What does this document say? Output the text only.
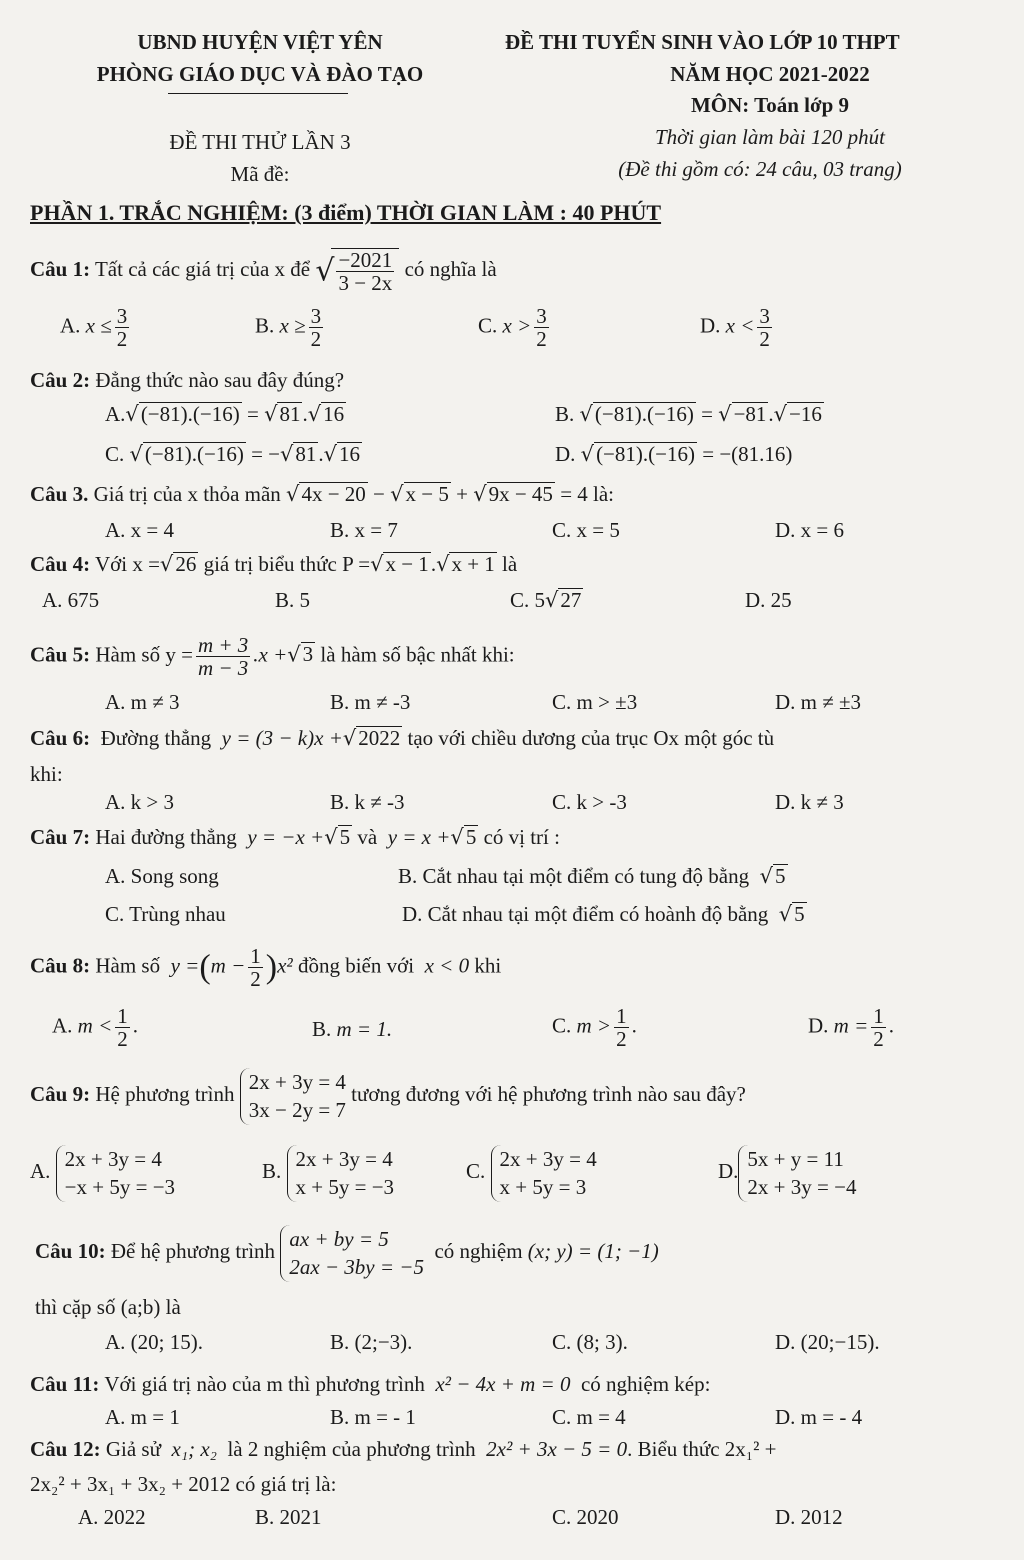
UBND HUYỆN VIỆT YÊN
PHÒNG GIÁO DỤC VÀ ĐÀO TẠO
ĐỀ THI TUYỂN SINH VÀO LỚP 10 THPT
NĂM HỌC 2021-2022
MÔN: Toán lớp 9
ĐỀ THI THỬ LẦN 3	Thời gian làm bài 120 phút
Mã đề:	(Đề thi gồm có: 24 câu, 03 trang)
PHẦN 1. TRẮC NGHIỆM: (3 điểm) THỜI GIAN LÀM : 40 PHÚT
Câu 1: Tất cả các giá trị của x để √ $\frac{-2021}{3 - 2x}$ có nghĩa là
A. $x \le \frac{3}{2}$	B. $x \ge \frac{3}{2}$	C. $x > \frac{3}{2}$	D. $x < \frac{3}{2}$
Câu 2: Đẳng thức nào sau đây đúng?
A.√(−81).(−16) = √81.√16	B. √(−81).(−16) = √−81.√−16
C. √(−81).(−16) = −√81.√16	D. √(−81).(−16) = −(81.16)
Câu 3. Giá trị của x thỏa mãn √4x − 20 − √x − 5 + √9x − 45 = 4 là:
A. x = 4	B. x = 7	C. x = 5	D. x = 6
Câu 4: Với x =√26 giá trị biểu thức P =√x − 1.√x + 1 là
A. 675	B. 5	C. 5√27	D. 25
Câu 5: Hàm số $y = \frac{m + 3}{m - 3} .x +√3$ là hàm số bậc nhất khi:
A. m ≠ 3	B. m ≠ -3	C. m > ±3	D. m ≠ ±3
Câu 6: Đường thẳng y = (3 − k)x +√2022 tạo với chiều dương của trục Ox một góc tù
khi:
A. k > 3	B. k ≠ -3	C. k > -3	D. k ≠ 3
Câu 7: Hai đường thẳng y = −x +√5 và y = x +√5 có vị trí :
A. Song song	B. Cắt nhau tại một điểm có tung độ bằng √5
C. Trùng nhau	D. Cắt nhau tại một điểm có hoành độ bằng √5
Câu 8: Hàm số $y =(m - \frac{1}{2} )x^2$ đồng biến với x < 0 khi
A. $m < \frac{1}{2}$ .	B. m = 1.	C. $m > \frac{1}{2}$ .	D. $m = \frac{1}{2}$ .
Câu 9: Hệ phương trình
2x + 3y = 4
3x − 2y = 7
tương đương với hệ phương trình nào sau đây?
A.
2x + 3y = 4
−x + 5y = −3
B.
2x + 3y = 4
x + 5y = −3
C.
2x + 3y = 4
x + 5y = 3
D.
5x + y = 11
2x + 3y = −4
Câu 10: Để hệ phương trình
ax + by = 5
2ax − 3by = −5
có nghiệm (x; y) = (1; −1)
thì cặp số (a;b) là
A. (20; 15).	B. (2;−3).	C. (8; 3).	D. (20;−15).
Câu 11: Với giá trị nào của m thì phương trình x² − 4x + m = 0 có nghiệm kép:
A. m = 1	B. m = - 1	C. m = 4	D. m = - 4
Câu 12: Giả sử x₁; x₂ là 2 nghiệm của phương trình 2x² + 3x − 5 = 0. Biểu thức 2x₁² +
2x₂² + 3x₁ + 3x₂ + 2012 có giá trị là:
A. 2022	B. 2021	C. 2020	D. 2012
